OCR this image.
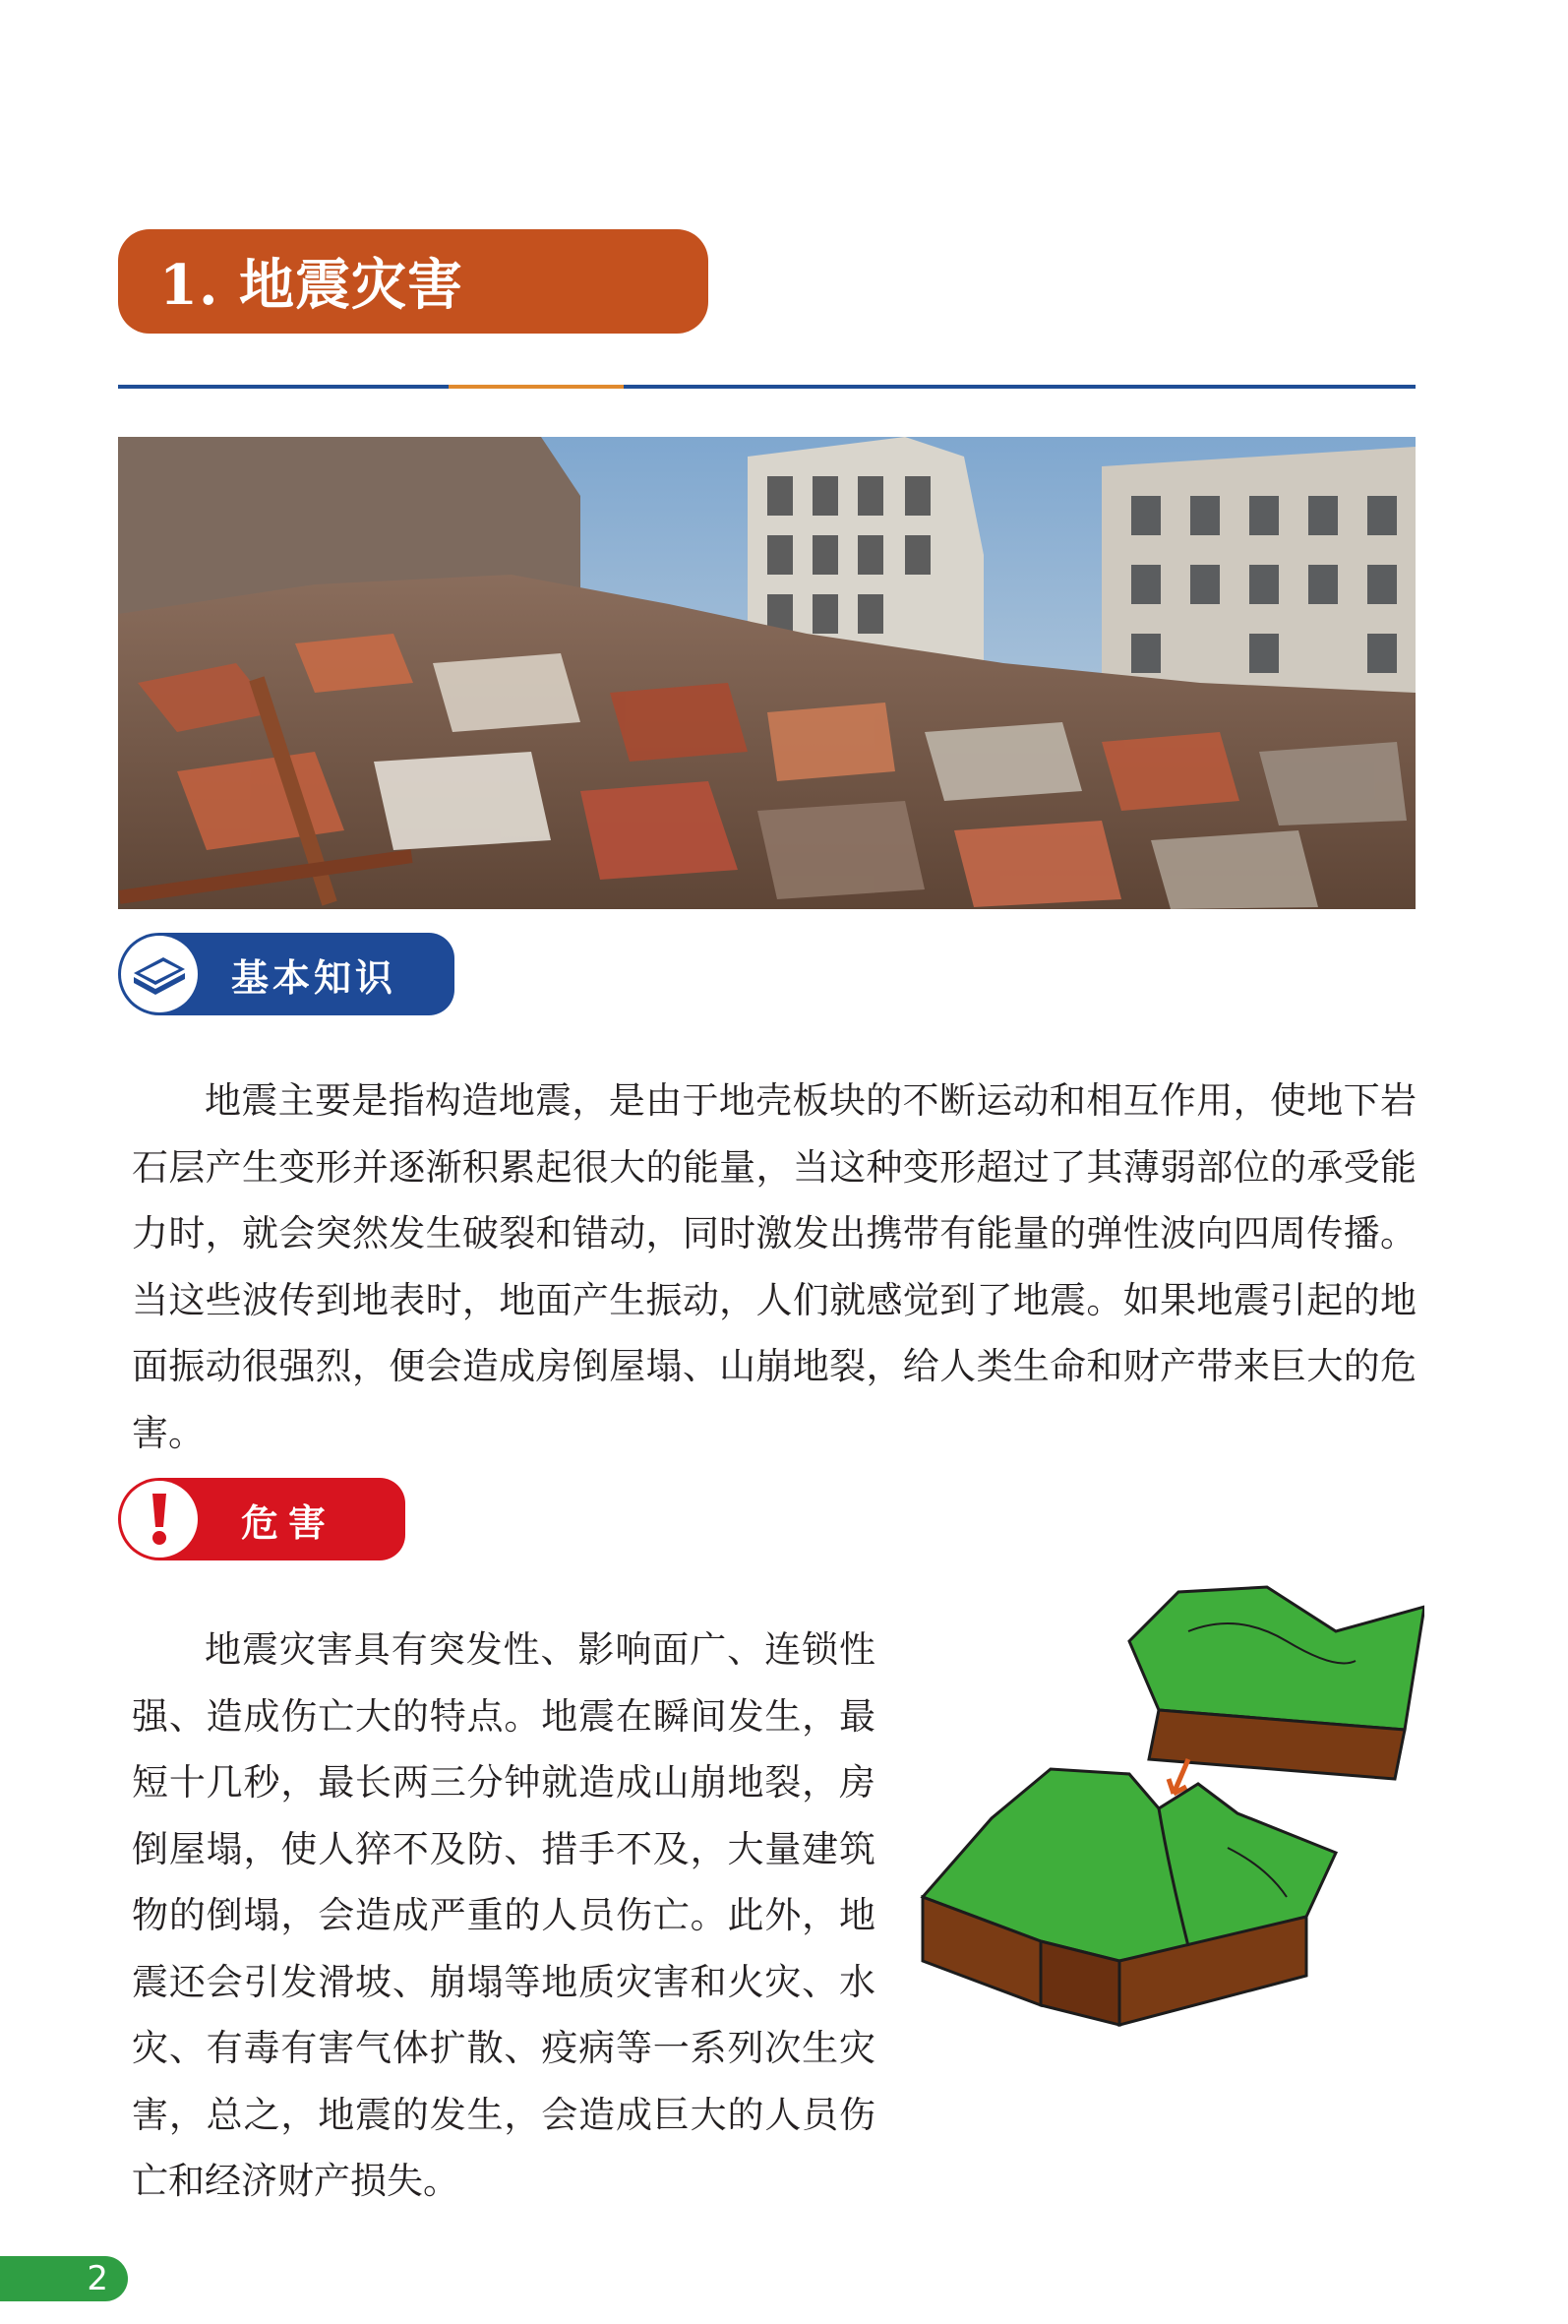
1. 地震灾害
基本知识

地震主要是指构造地震，是由于地壳板块的不断运动和相互作用，使地下岩石层产生变形并逐渐积累起很大的能量，当这种变形超过了其薄弱部位的承受能力时，就会突然发生破裂和错动，同时激发出携带有能量的弹性波向四周传播。当这些波传到地表时，地面产生振动，人们就感觉到了地震。如果地震引起的地面振动很强烈，便会造成房倒屋塌、山崩地裂，给人类生命和财产带来巨大的危害。

危害

地震灾害具有突发性、影响面广、连锁性强、造成伤亡大的特点。地震在瞬间发生，最短十几秒，最长两三分钟就造成山崩地裂，房倒屋塌，使人猝不及防、措手不及，大量建筑物的倒塌，会造成严重的人员伤亡。此外，地震还会引发滑坡、崩塌等地质灾害和火灾、水灾、有毒有害气体扩散、疫病等一系列次生灾害，总之，地震的发生，会造成巨大的人员伤亡和经济财产损失。

2
